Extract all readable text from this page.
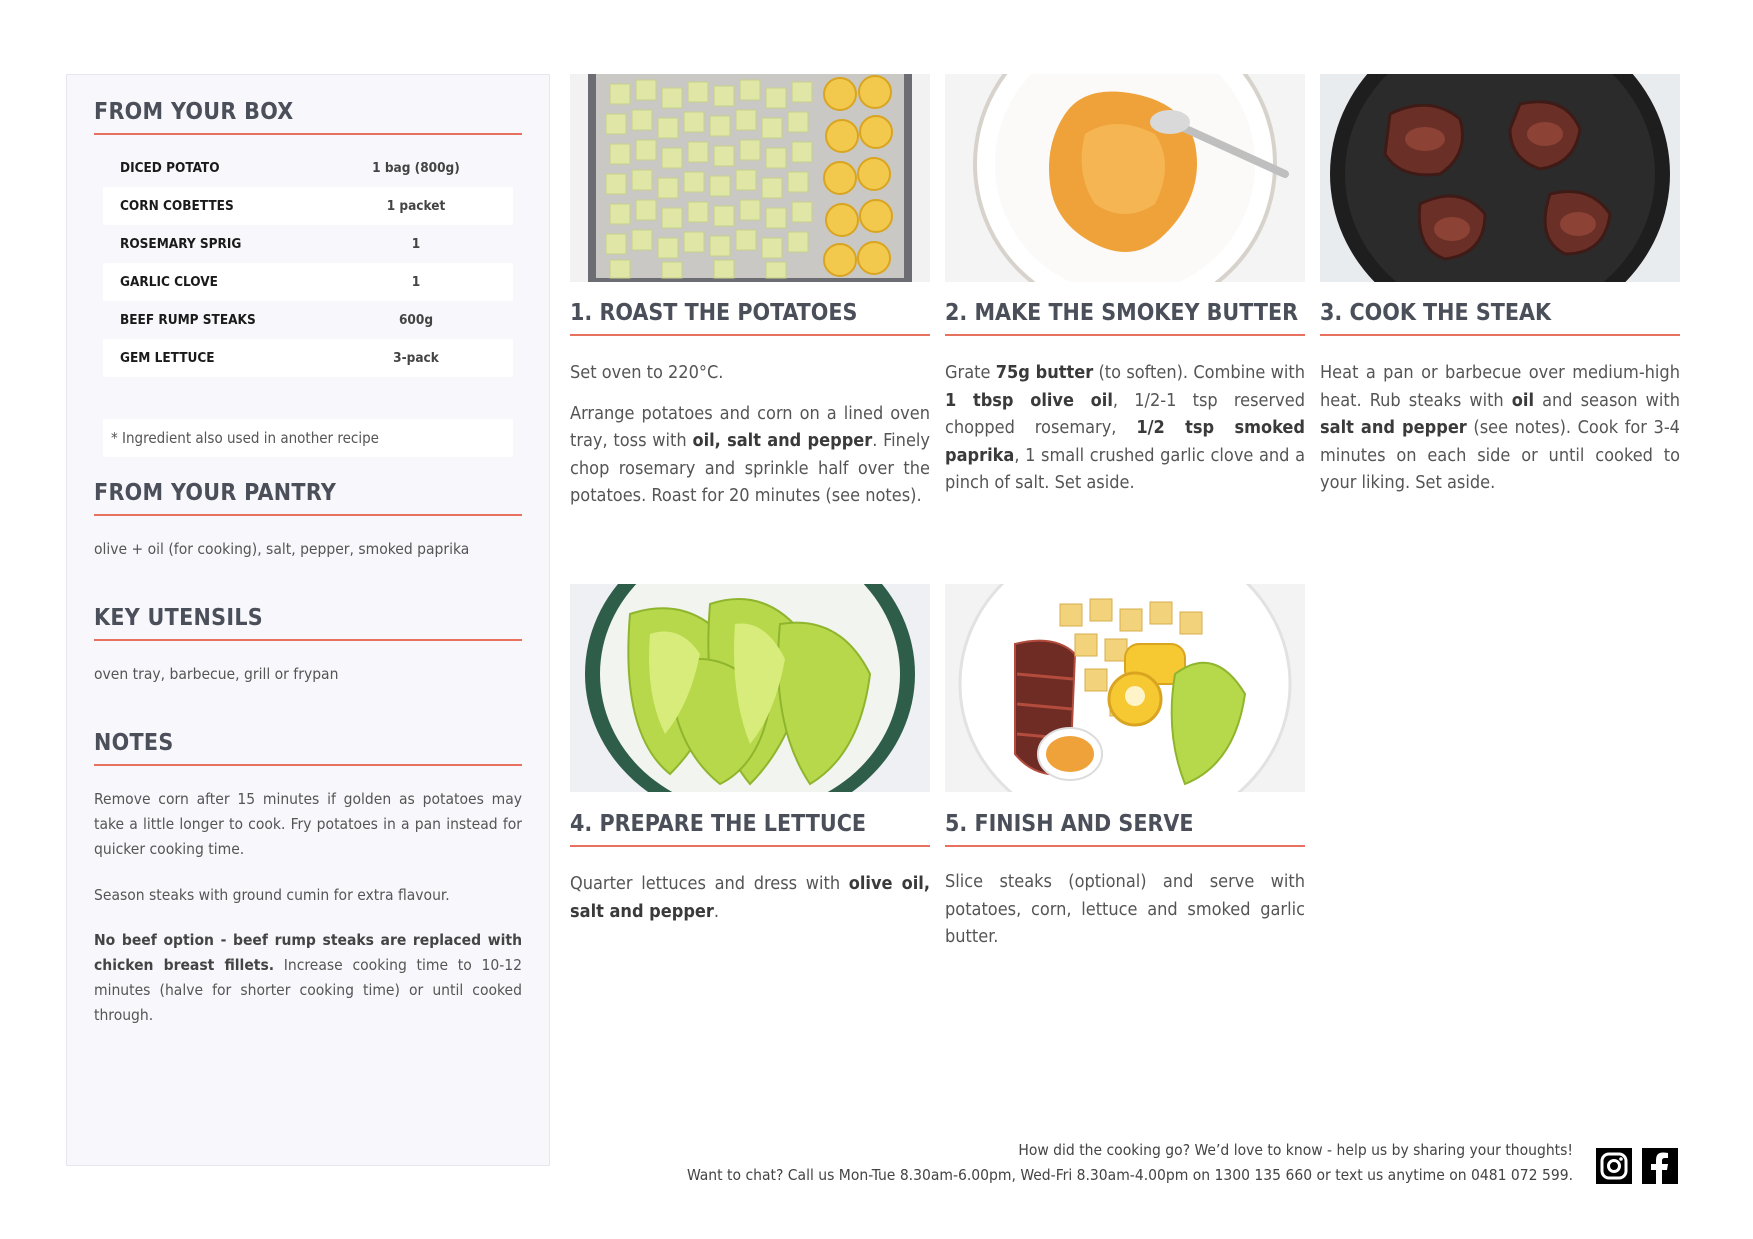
FROM YOUR BOX
DICED POTATO	1 bag (800g)
CORN COBETTES	1 packet
ROSEMARY SPRIG	1
GARLIC CLOVE	1
BEEF RUMP STEAKS	600g
GEM LETTUCE	3-pack
* Ingredient also used in another recipe
FROM YOUR PANTRY
olive + oil (for cooking), salt, pepper, smoked paprika
KEY UTENSILS
oven tray, barbecue, grill or frypan
NOTES
Remove corn after 15 minutes if golden as potatoes may take a little longer to cook. Fry potatoes in a pan instead for quicker cooking time.
Season steaks with ground cumin for extra flavour.
No beef option - beef rump steaks are replaced with chicken breast fillets. Increase cooking time to 10-12 minutes (halve for shorter cooking time) or until cooked through.
1. ROAST THE POTATOES

Set oven to 220°C.

Arrange potatoes and corn on a lined oven tray, toss with oil, salt and pepper. Finely chop rosemary and sprinkle half over the potatoes. Roast for 20 minutes (see notes).

2. MAKE THE SMOKEY BUTTER

Grate 75g butter (to soften). Combine with 1 tbsp olive oil, 1/2-1 tsp reserved chopped rosemary, 1/2 tsp smoked paprika, 1 small crushed garlic clove and a pinch of salt. Set aside.

3. COOK THE STEAK

Heat a pan or barbecue over medium-high heat. Rub steaks with oil and season with salt and pepper (see notes). Cook for 3-4 minutes on each side or until cooked to your liking. Set aside.

4. PREPARE THE LETTUCE

Quarter lettuces and dress with olive oil, salt and pepper.

5. FINISH AND SERVE

Slice steaks (optional) and serve with potatoes, corn, lettuce and smoked garlic butter.

How did the cooking go? We’d love to know - help us by sharing your thoughts!
Want to chat? Call us Mon-Tue 8.30am-6.00pm, Wed-Fri 8.30am-4.00pm on 1300 135 660 or text us anytime on 0481 072 599.
